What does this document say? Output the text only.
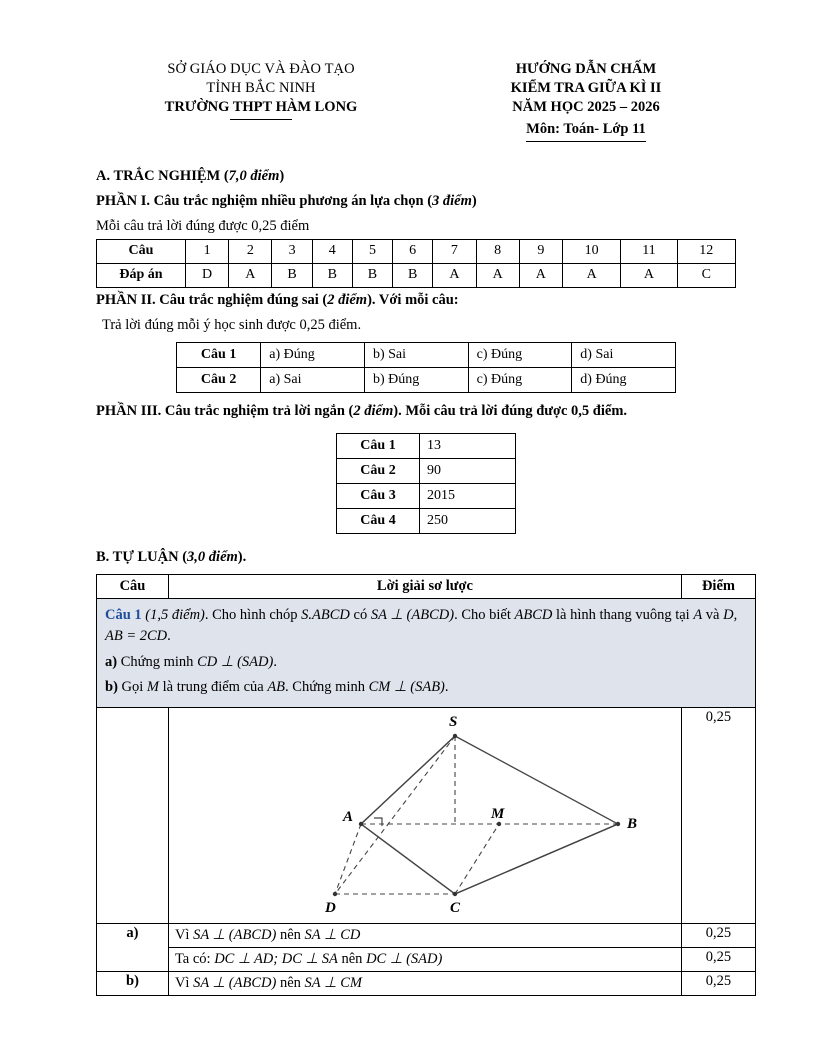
SỞ GIÁO DỤC VÀ ĐÀO TẠO
TỈNH BẮC NINH
TRƯỜNG THPT HÀM LONG
HƯỚNG DẪN CHẤM
KIỂM TRA GIỮA KÌ II
NĂM HỌC 2025 – 2026
Môn: Toán- Lớp 11
A. TRẮC NGHIỆM (7,0 điểm)
PHẦN I. Câu trắc nghiệm nhiều phương án lựa chọn (3 điểm)
Mỗi câu trả lời đúng được 0,25 điểm
Câu	1	2	3	4	5	6	7	8	9	10	11	12
Đáp án	D	A	B	B	B	B	A	A	A	A	A	C
PHẦN II. Câu trắc nghiệm đúng sai (2 điểm). Với mỗi câu:
Trả lời đúng mỗi ý học sinh được 0,25 điểm.
Câu 1	a) Đúng	b) Sai	c) Đúng	d) Sai
Câu 2	a) Sai	b) Đúng	c) Đúng	d) Đúng
PHẦN III. Câu trắc nghiệm trả lời ngắn (2 điểm). Mỗi câu trả lời đúng được 0,5 điểm.
Câu 1	13
Câu 2	90
Câu 3	2015
Câu 4	250
B. TỰ LUẬN (3,0 điểm).
Câu	Lời giải sơ lược	Điểm
Câu 1 (1,5 điểm). Cho hình chóp S.ABCD có SA ⊥ (ABCD). Cho biết ABCD là hình thang vuông tại A và D, AB = 2CD.
a) Chứng minh CD ⊥ (SAD).
b) Gọi M là trung điểm của AB. Chứng minh CM ⊥ (SAB).		

S
A	M
B
D	C
	0,25
a)	Vì SA ⊥ (ABCD) nên SA ⊥ CD	0,25
	Ta có: DC ⊥ AD; DC ⊥ SA nên DC ⊥ (SAD)	0,25
b)	Vì SA ⊥ (ABCD) nên SA ⊥ CM	0,25
